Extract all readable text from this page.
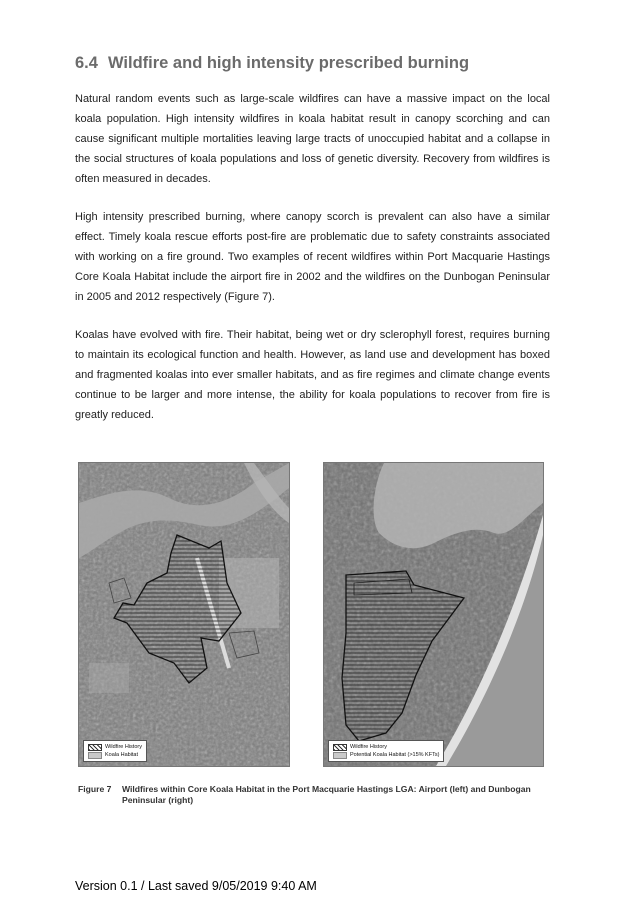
6.4 Wildfire and high intensity prescribed burning

Natural random events such as large-scale wildfires can have a massive impact on the local koala population. High intensity wildfires in koala habitat result in canopy scorching and can cause significant multiple mortalities leaving large tracts of unoccupied habitat and a collapse in the social structures of koala populations and loss of genetic diversity. Recovery from wildfires is often measured in decades.

High intensity prescribed burning, where canopy scorch is prevalent can also have a similar effect. Timely koala rescue efforts post-fire are problematic due to safety constraints associated with working on a fire ground. Two examples of recent wildfires within Port Macquarie Hastings Core Koala Habitat include the airport fire in 2002 and the wildfires on the Dunbogan Peninsular in 2005 and 2012 respectively (Figure 7).

Koalas have evolved with fire. Their habitat, being wet or dry sclerophyll forest, requires burning to maintain its ecological function and health. However, as land use and development has boxed and fragmented koalas into ever smaller habitats, and as fire regimes and climate change events continue to be larger and more intense, the ability for koala populations to recover from fire is greatly reduced.

Wildfire History
Koala Habitat
Wildfire History
Potential Koala Habitat (>15% KFTs)
Figure 7	Wildfires within Core Koala Habitat in the Port Macquarie Hastings LGA: Airport (left) and Dunbogan Peninsular (right)
Version 0.1 / Last saved 9/05/2019 9:40 AM
